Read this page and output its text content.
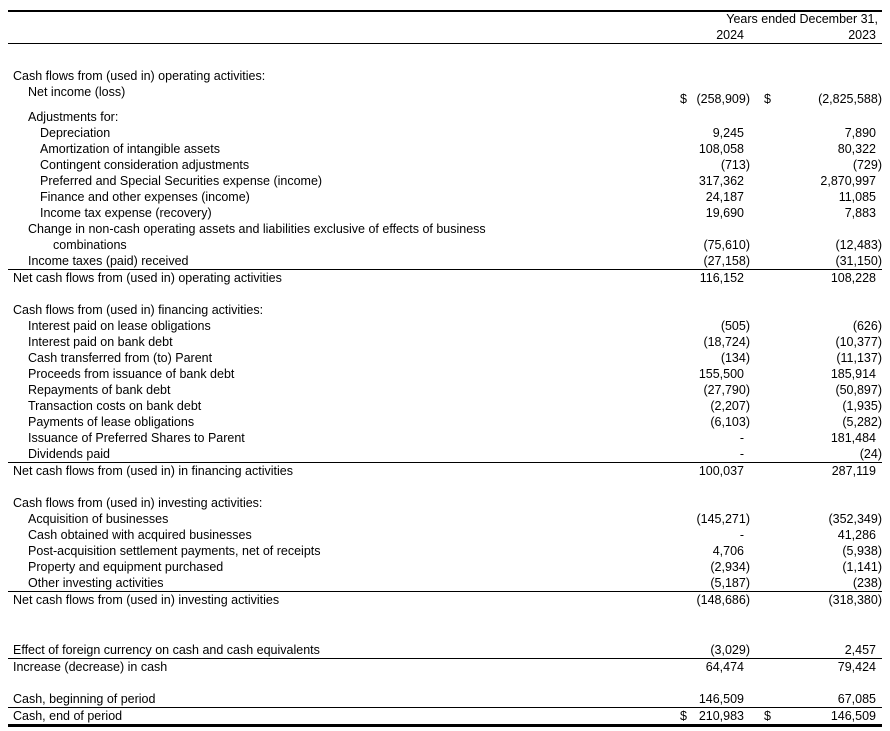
Years ended December 31,
2024	2023
Cash flows from (used in) operating activities:
Net income (loss)	$ (258,909) $	(2,825,588)
Adjustments for:
Depreciation	9,245	7,890
Amortization of intangible assets	108,058	80,322
Contingent consideration adjustments	(713)	(729)
Preferred and Special Securities expense (income)	317,362	2,870,997
Finance and other expenses (income)	24,187	11,085
Income tax expense (recovery)	19,690	7,883
Change in non-cash operating assets and liabilities exclusive of effects of business
combinations	(75,610)	(12,483)
Income taxes (paid) received	(27,158)	(31,150)
Net cash flows from (used in) operating activities	116,152	108,228
Cash flows from (used in) financing activities:
Interest paid on lease obligations	(505)	(626)
Interest paid on bank debt	(18,724)	(10,377)
Cash transferred from (to) Parent	(134)	(11,137)
Proceeds from issuance of bank debt	155,500	185,914
Repayments of bank debt	(27,790)	(50,897)
Transaction costs on bank debt	(2,207)	(1,935)
Payments of lease obligations	(6,103)	(5,282)
Issuance of Preferred Shares to Parent	-	181,484
Dividends paid	-	(24)
Net cash flows from (used in) in financing activities	100,037	287,119
Cash flows from (used in) investing activities:
Acquisition of businesses	(145,271)	(352,349)
Cash obtained with acquired businesses	-	41,286
Post-acquisition settlement payments, net of receipts	4,706	(5,938)
Property and equipment purchased	(2,934)	(1,141)
Other investing activities	(5,187)	(238)
Net cash flows from (used in) investing activities	(148,686)	(318,380)
Effect of foreign currency on cash and cash equivalents	(3,029)	2,457
Increase (decrease) in cash	64,474	79,424
Cash, beginning of period	146,509	67,085
Cash, end of period	$ 210,983 $	146,509
